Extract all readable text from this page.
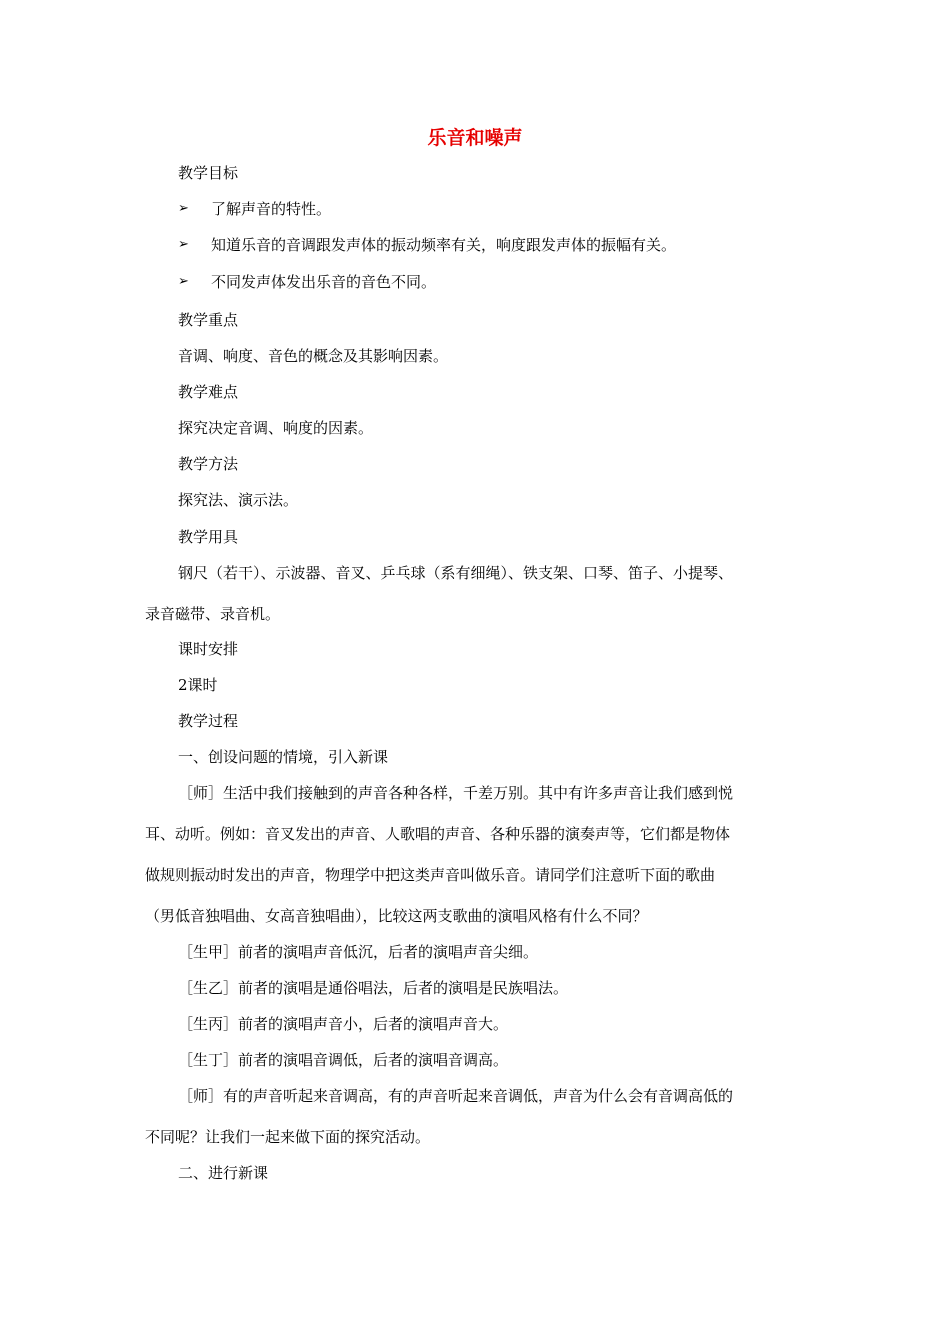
乐音和噪声
教学目标
➢ 了解声音的特性。
➢ 知道乐音的音调跟发声体的振动频率有关，响度跟发声体的振幅有关。
➢ 不同发声体发出乐音的音色不同。
教学重点
音调、响度、音色的概念及其影响因素。
教学难点
探究决定音调、响度的因素。
教学方法
探究法、演示法。
教学用具
钢尺（若干）、示波器、音叉、乒乓球（系有细绳）、铁支架、口琴、笛子、小提琴、
录音磁带、录音机。
课时安排
2课时
教学过程
一、创设问题的情境，引入新课
［师］生活中我们接触到的声音各种各样，千差万别。其中有许多声音让我们感到悦
耳、动听。例如：音叉发出的声音、人歌唱的声音、各种乐器的演奏声等，它们都是物体
做规则振动时发出的声音，物理学中把这类声音叫做乐音。请同学们注意听下面的歌曲
（男低音独唱曲、女高音独唱曲），比较这两支歌曲的演唱风格有什么不同？
［生甲］前者的演唱声音低沉，后者的演唱声音尖细。
［生乙］前者的演唱是通俗唱法，后者的演唱是民族唱法。
［生丙］前者的演唱声音小，后者的演唱声音大。
［生丁］前者的演唱音调低，后者的演唱音调高。
［师］有的声音听起来音调高，有的声音听起来音调低，声音为什么会有音调高低的
不同呢？让我们一起来做下面的探究活动。
二、进行新课
